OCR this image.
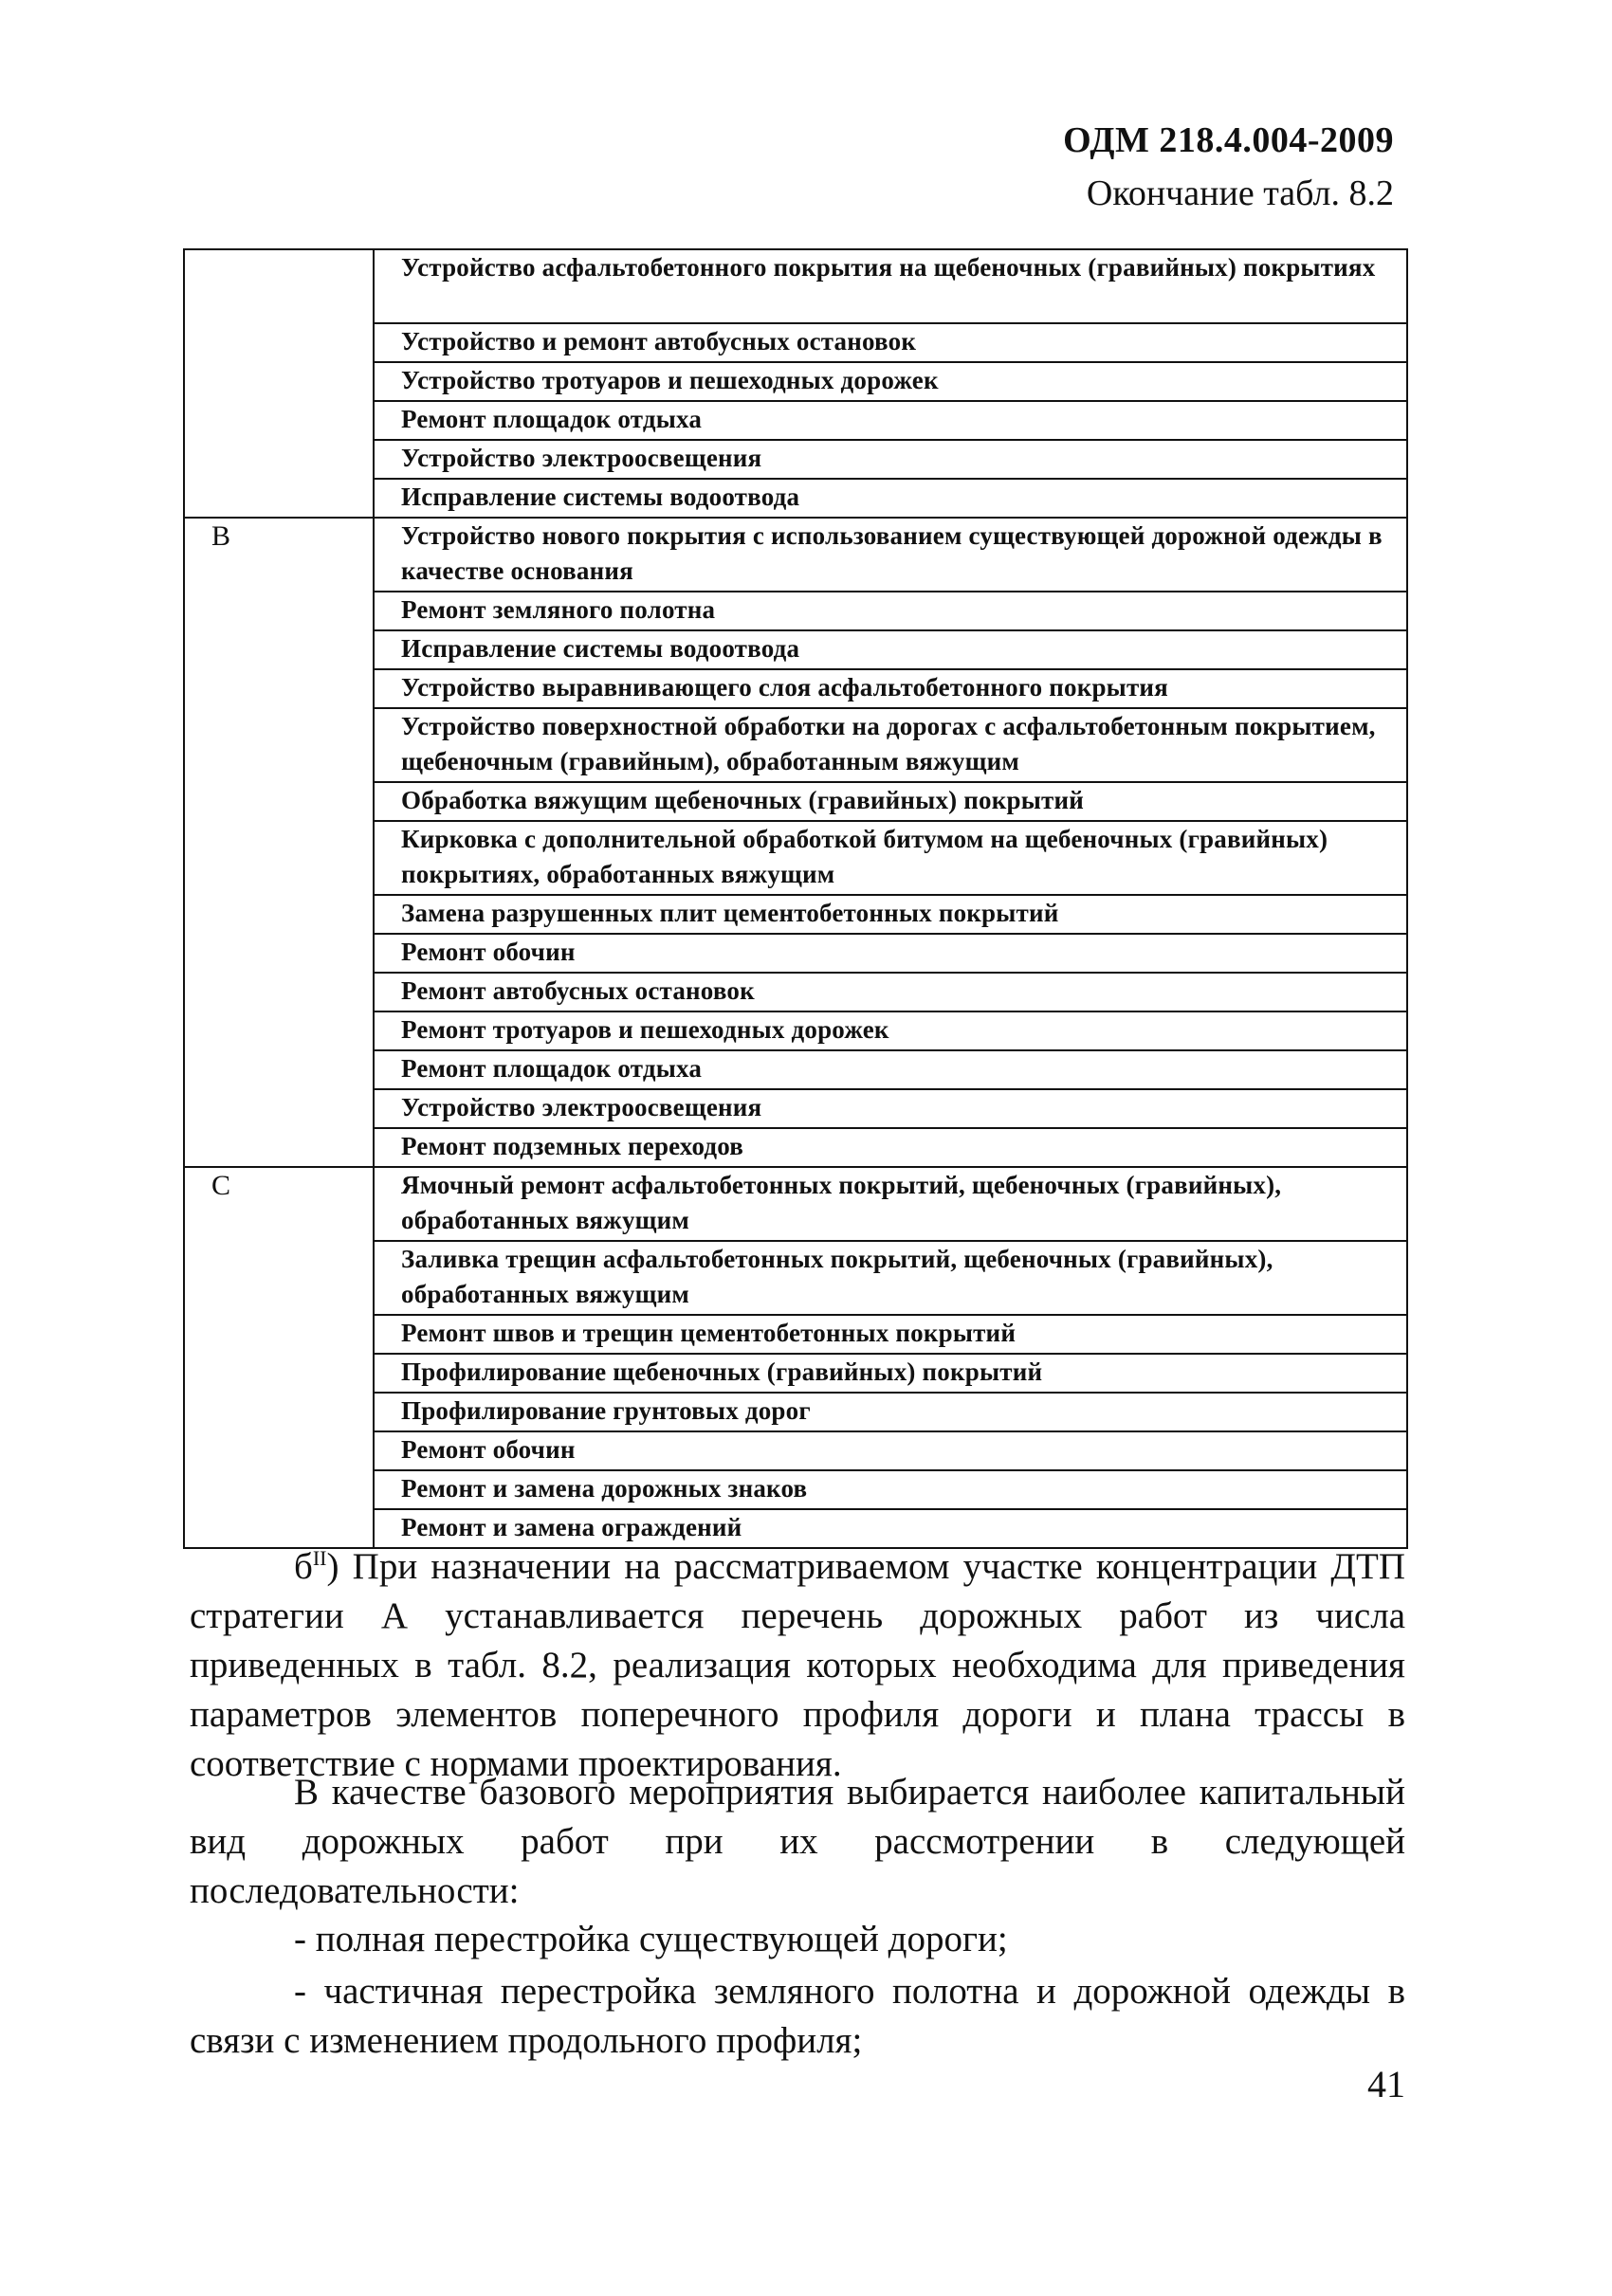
ОДМ 218.4.004-2009
Окончание табл. 8.2
	Устройство асфальтобетонного покрытия на щебеночных (гравийных) покрытиях
	Устройство и ремонт автобусных остановок
	Устройство тротуаров и пешеходных дорожек
	Ремонт площадок отдыха
	Устройство электроосвещения
	Исправление системы водоотвода
В	Устройство нового покрытия с использованием существующей дорожной одежды в качестве основания
	Ремонт земляного полотна
	Исправление системы водоотвода
	Устройство выравнивающего слоя асфальтобетонного покрытия
	Устройство поверхностной обработки на дорогах с асфальтобетонным покрытием, щебеночным (гравийным), обработанным вяжущим
	Обработка вяжущим щебеночных (гравийных) покрытий
	Кирковка с дополнительной обработкой битумом на щебеночных (гравийных) покрытиях, обработанных вяжущим
	Замена разрушенных плит цементобетонных покрытий
	Ремонт обочин
	Ремонт автобусных остановок
	Ремонт тротуаров и пешеходных дорожек
	Ремонт площадок отдыха
	Устройство электроосвещения
	Ремонт подземных переходов
С	Ямочный ремонт асфальтобетонных покрытий, щебеночных (гравийных), обработанных вяжущим
	Заливка трещин асфальтобетонных покрытий, щебеночных (гравийных), обработанных вяжущим
	Ремонт швов и трещин цементобетонных покрытий
	Профилирование щебеночных (гравийных) покрытий
	Профилирование грунтовых дорог
	Ремонт обочин
	Ремонт и замена дорожных знаков
	Ремонт и замена ограждений
$б^{II}$) При назначении на рассматриваемом участке концентрации ДТП стратегии А устанавливается перечень дорожных работ из числа приведенных в табл. 8.2, реализация которых необходима для приведения параметров элементов поперечного профиля дороги и плана трассы в соответствие с нормами проектирования.
В качестве базового мероприятия выбирается наиболее капитальный вид дорожных работ при их рассмотрении в следующей последовательности:
- полная перестройка существующей дороги;
- частичная перестройка земляного полотна и дорожной одежды в связи с изменением продольного профиля;
41
